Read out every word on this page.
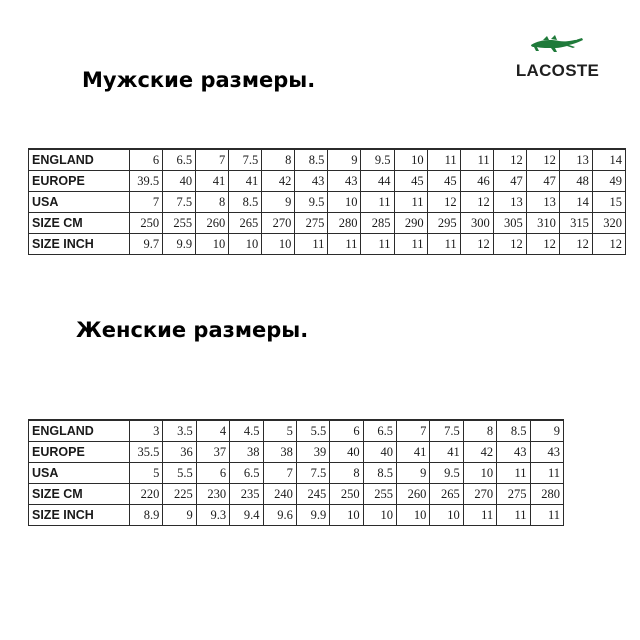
Мужские размеры.	LACOSTE
ENGLAND	6	6.5	7	7.5	8	8.5	9	9.5	10	11	11	12	12	13	14
EUROPE	39.5	40	41	41	42	43	43	44	45	45	46	47	47	48	49
USA	7	7.5	8	8.5	9	9.5	10	11	11	12	12	13	13	14	15
SIZE CM	250	255	260	265	270	275	280	285	290	295	300	305	310	315	320
SIZE INCH	9.7	9.9	10	10	10	11	11	11	11	11	12	12	12	12	12
Женские размеры.
ENGLAND	3	3.5	4	4.5	5	5.5	6	6.5	7	7.5	8	8.5	9
EUROPE	35.5	36	37	38	38	39	40	40	41	41	42	43	43
USA	5	5.5	6	6.5	7	7.5	8	8.5	9	9.5	10	11	11
SIZE CM	220	225	230	235	240	245	250	255	260	265	270	275	280
SIZE INCH	8.9	9	9.3	9.4	9.6	9.9	10	10	10	10	11	11	11
